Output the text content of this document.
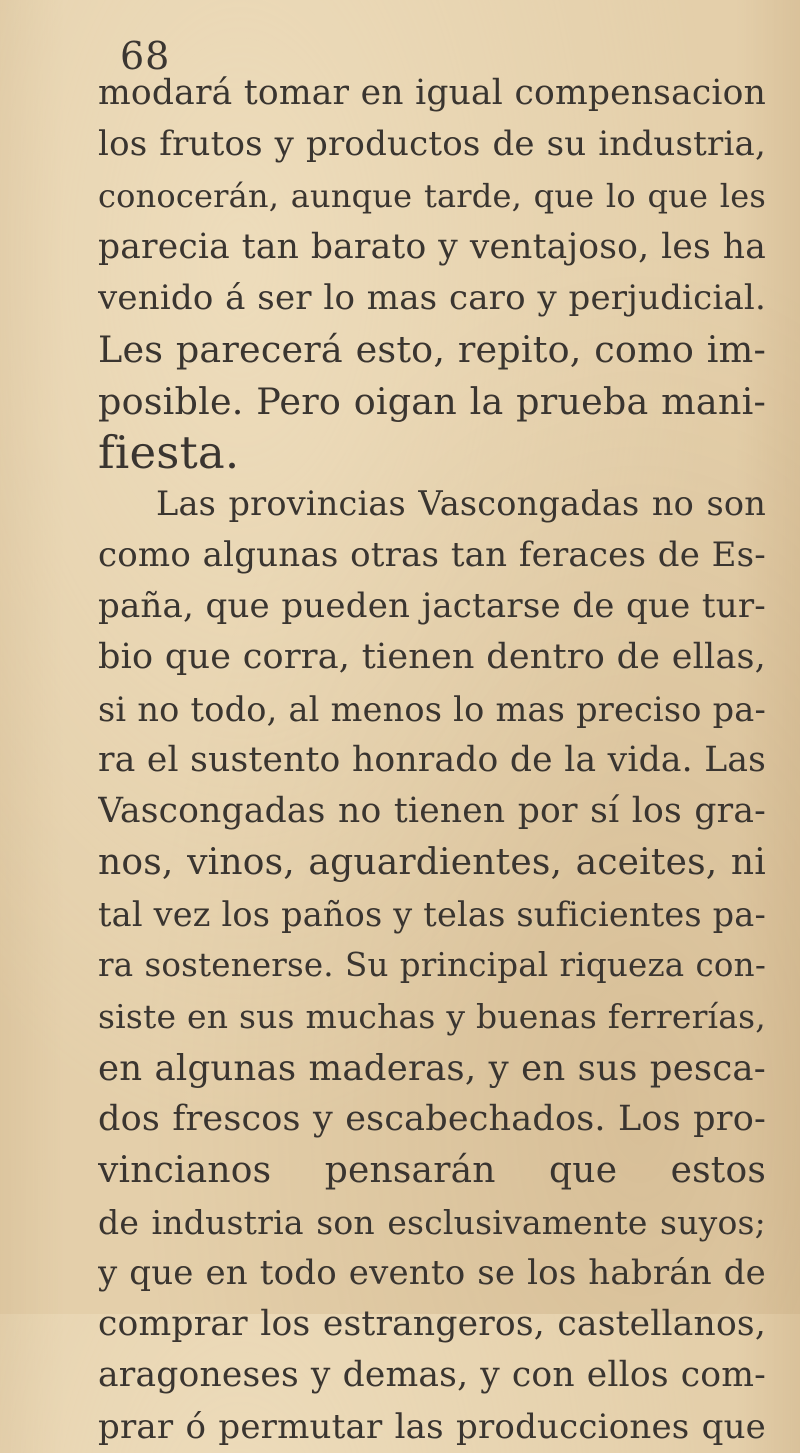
68
modará tomar en igual compensacion
los frutos y productos de su industria,
conocerán, aunque tarde, que lo que les
parecia tan barato y ventajoso, les ha
venido á ser lo mas caro y perjudicial.
Les parecerá esto, repito, como im-
posible. Pero oigan la prueba mani-
fiesta.
Las provincias Vascongadas no son
como algunas otras tan feraces de Es-
paña, que pueden jactarse de que tur-
bio que corra, tienen dentro de ellas,
si no todo, al menos lo mas preciso pa-
ra el sustento honrado de la vida. Las
Vascongadas no tienen por sí los gra-
nos, vinos, aguardientes, aceites, ni
tal vez los paños y telas suficientes pa-
ra sostenerse. Su principal riqueza con-
siste en sus muchas y buenas ferrerías,
en algunas maderas, y en sus pesca-
dos frescos y escabechados. Los pro-
vincianos pensarán que estos
de industria son esclusivamente suyos;
y que en todo evento se los habrán de
comprar los estrangeros, castellanos,
aragoneses y demas, y con ellos com-
prar ó permutar las producciones que
